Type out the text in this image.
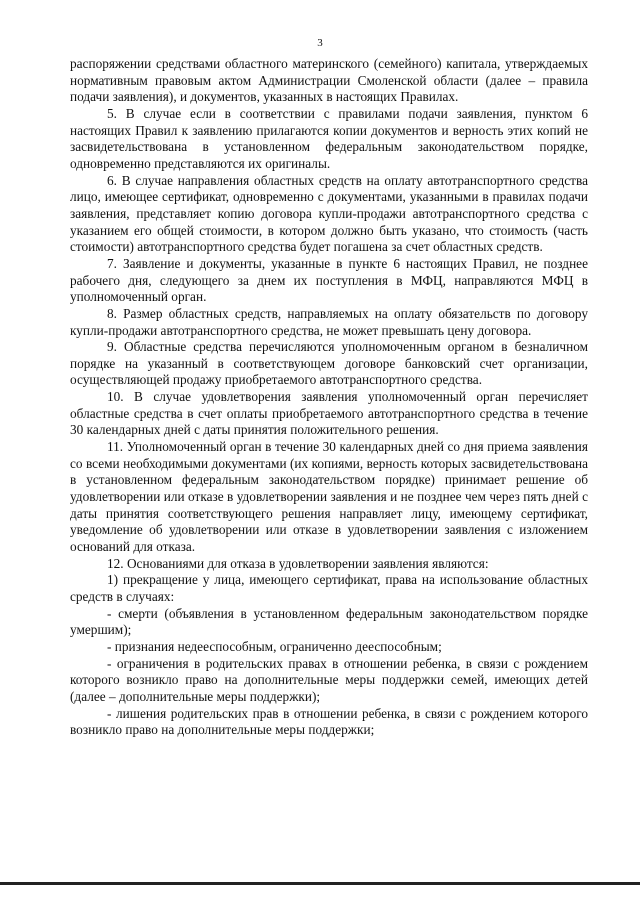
3

распоряжении средствами областного материнского (семейного) капитала, утверждаемых нормативным правовым актом Администрации Смоленской области (далее – правила подачи заявления), и документов, указанных в настоящих Правилах.

5. В случае если в соответствии с правилами подачи заявления, пунктом 6 настоящих Правил к заявлению прилагаются копии документов и верность этих копий не засвидетельствована в установленном федеральным законодательством порядке, одновременно представляются их оригиналы.

6. В случае направления областных средств на оплату автотранспортного средства лицо, имеющее сертификат, одновременно с документами, указанными в правилах подачи заявления, представляет копию договора купли-продажи автотранспортного средства с указанием его общей стоимости, в котором должно быть указано, что стоимость (часть стоимости) автотранспортного средства будет погашена за счет областных средств.

7. Заявление и документы, указанные в пункте 6 настоящих Правил, не позднее рабочего дня, следующего за днем их поступления в МФЦ, направляются МФЦ в уполномоченный орган.

8. Размер областных средств, направляемых на оплату обязательств по договору купли-продажи автотранспортного средства, не может превышать цену договора.

9. Областные средства перечисляются уполномоченным органом в безналичном порядке на указанный в соответствующем договоре банковский счет организации, осуществляющей продажу приобретаемого автотранспортного средства.

10. В случае удовлетворения заявления уполномоченный орган перечисляет областные средства в счет оплаты приобретаемого автотранспортного средства в течение 30 календарных дней с даты принятия положительного решения.

11. Уполномоченный орган в течение 30 календарных дней со дня приема заявления со всеми необходимыми документами (их копиями, верность которых засвидетельствована в установленном федеральным законодательством порядке) принимает решение об удовлетворении или отказе в удовлетворении заявления и не позднее чем через пять дней с даты принятия соответствующего решения направляет лицу, имеющему сертификат, уведомление об удовлетворении или отказе в удовлетворении заявления с изложением оснований для отказа.

12. Основаниями для отказа в удовлетворении заявления являются:

1) прекращение у лица, имеющего сертификат, права на использование областных средств в случаях:

- смерти (объявления в установленном федеральным законодательством порядке умершим);

- признания недееспособным, ограниченно дееспособным;

- ограничения в родительских правах в отношении ребенка, в связи с рождением которого возникло право на дополнительные меры поддержки семей, имеющих детей (далее – дополнительные меры поддержки);

- лишения родительских прав в отношении ребенка, в связи с рождением которого возникло право на дополнительные меры поддержки;
